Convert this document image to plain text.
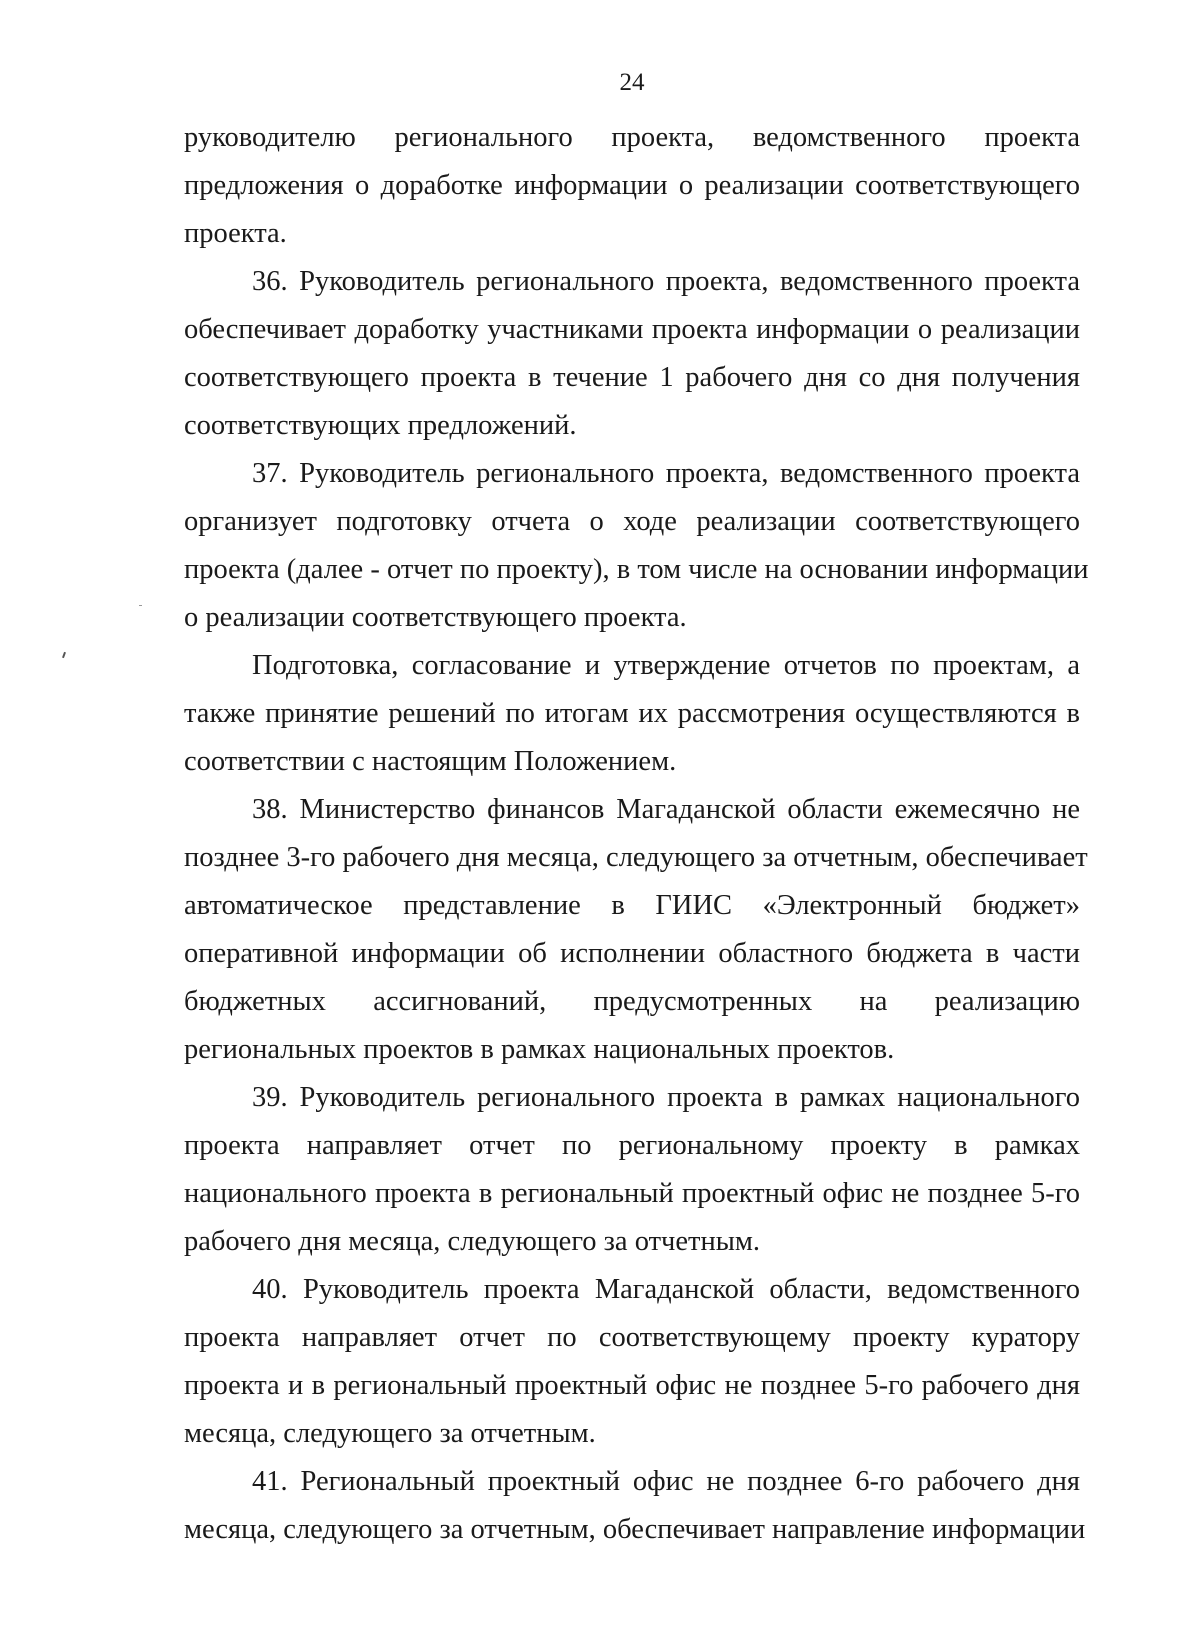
24
руководителю регионального проекта, ведомственного проекта
предложения о доработке информации о реализации соответствующего
проекта.
36. Руководитель регионального проекта, ведомственного проекта
обеспечивает доработку участниками проекта информации о реализации
соответствующего проекта в течение 1 рабочего дня со дня получения
соответствующих предложений.
37. Руководитель регионального проекта, ведомственного проекта
организует подготовку отчета о ходе реализации соответствующего
проекта (далее - отчет по проекту), в том числе на основании информации
о реализации соответствующего проекта.
Подготовка, согласование и утверждение отчетов по проектам, а
также принятие решений по итогам их рассмотрения осуществляются в
соответствии с настоящим Положением.
38. Министерство финансов Магаданской области ежемесячно не
позднее 3-го рабочего дня месяца, следующего за отчетным, обеспечивает
автоматическое представление в ГИИС «Электронный бюджет»
оперативной информации об исполнении областного бюджета в части
бюджетных ассигнований, предусмотренных на реализацию
региональных проектов в рамках национальных проектов.
39. Руководитель регионального проекта в рамках национального
проекта направляет отчет по региональному проекту в рамках
национального проекта в региональный проектный офис не позднее 5-го
рабочего дня месяца, следующего за отчетным.
40. Руководитель проекта Магаданской области, ведомственного
проекта направляет отчет по соответствующему проекту куратору
проекта и в региональный проектный офис не позднее 5-го рабочего дня
месяца, следующего за отчетным.
41. Региональный проектный офис не позднее 6-го рабочего дня
месяца, следующего за отчетным, обеспечивает направление информации
